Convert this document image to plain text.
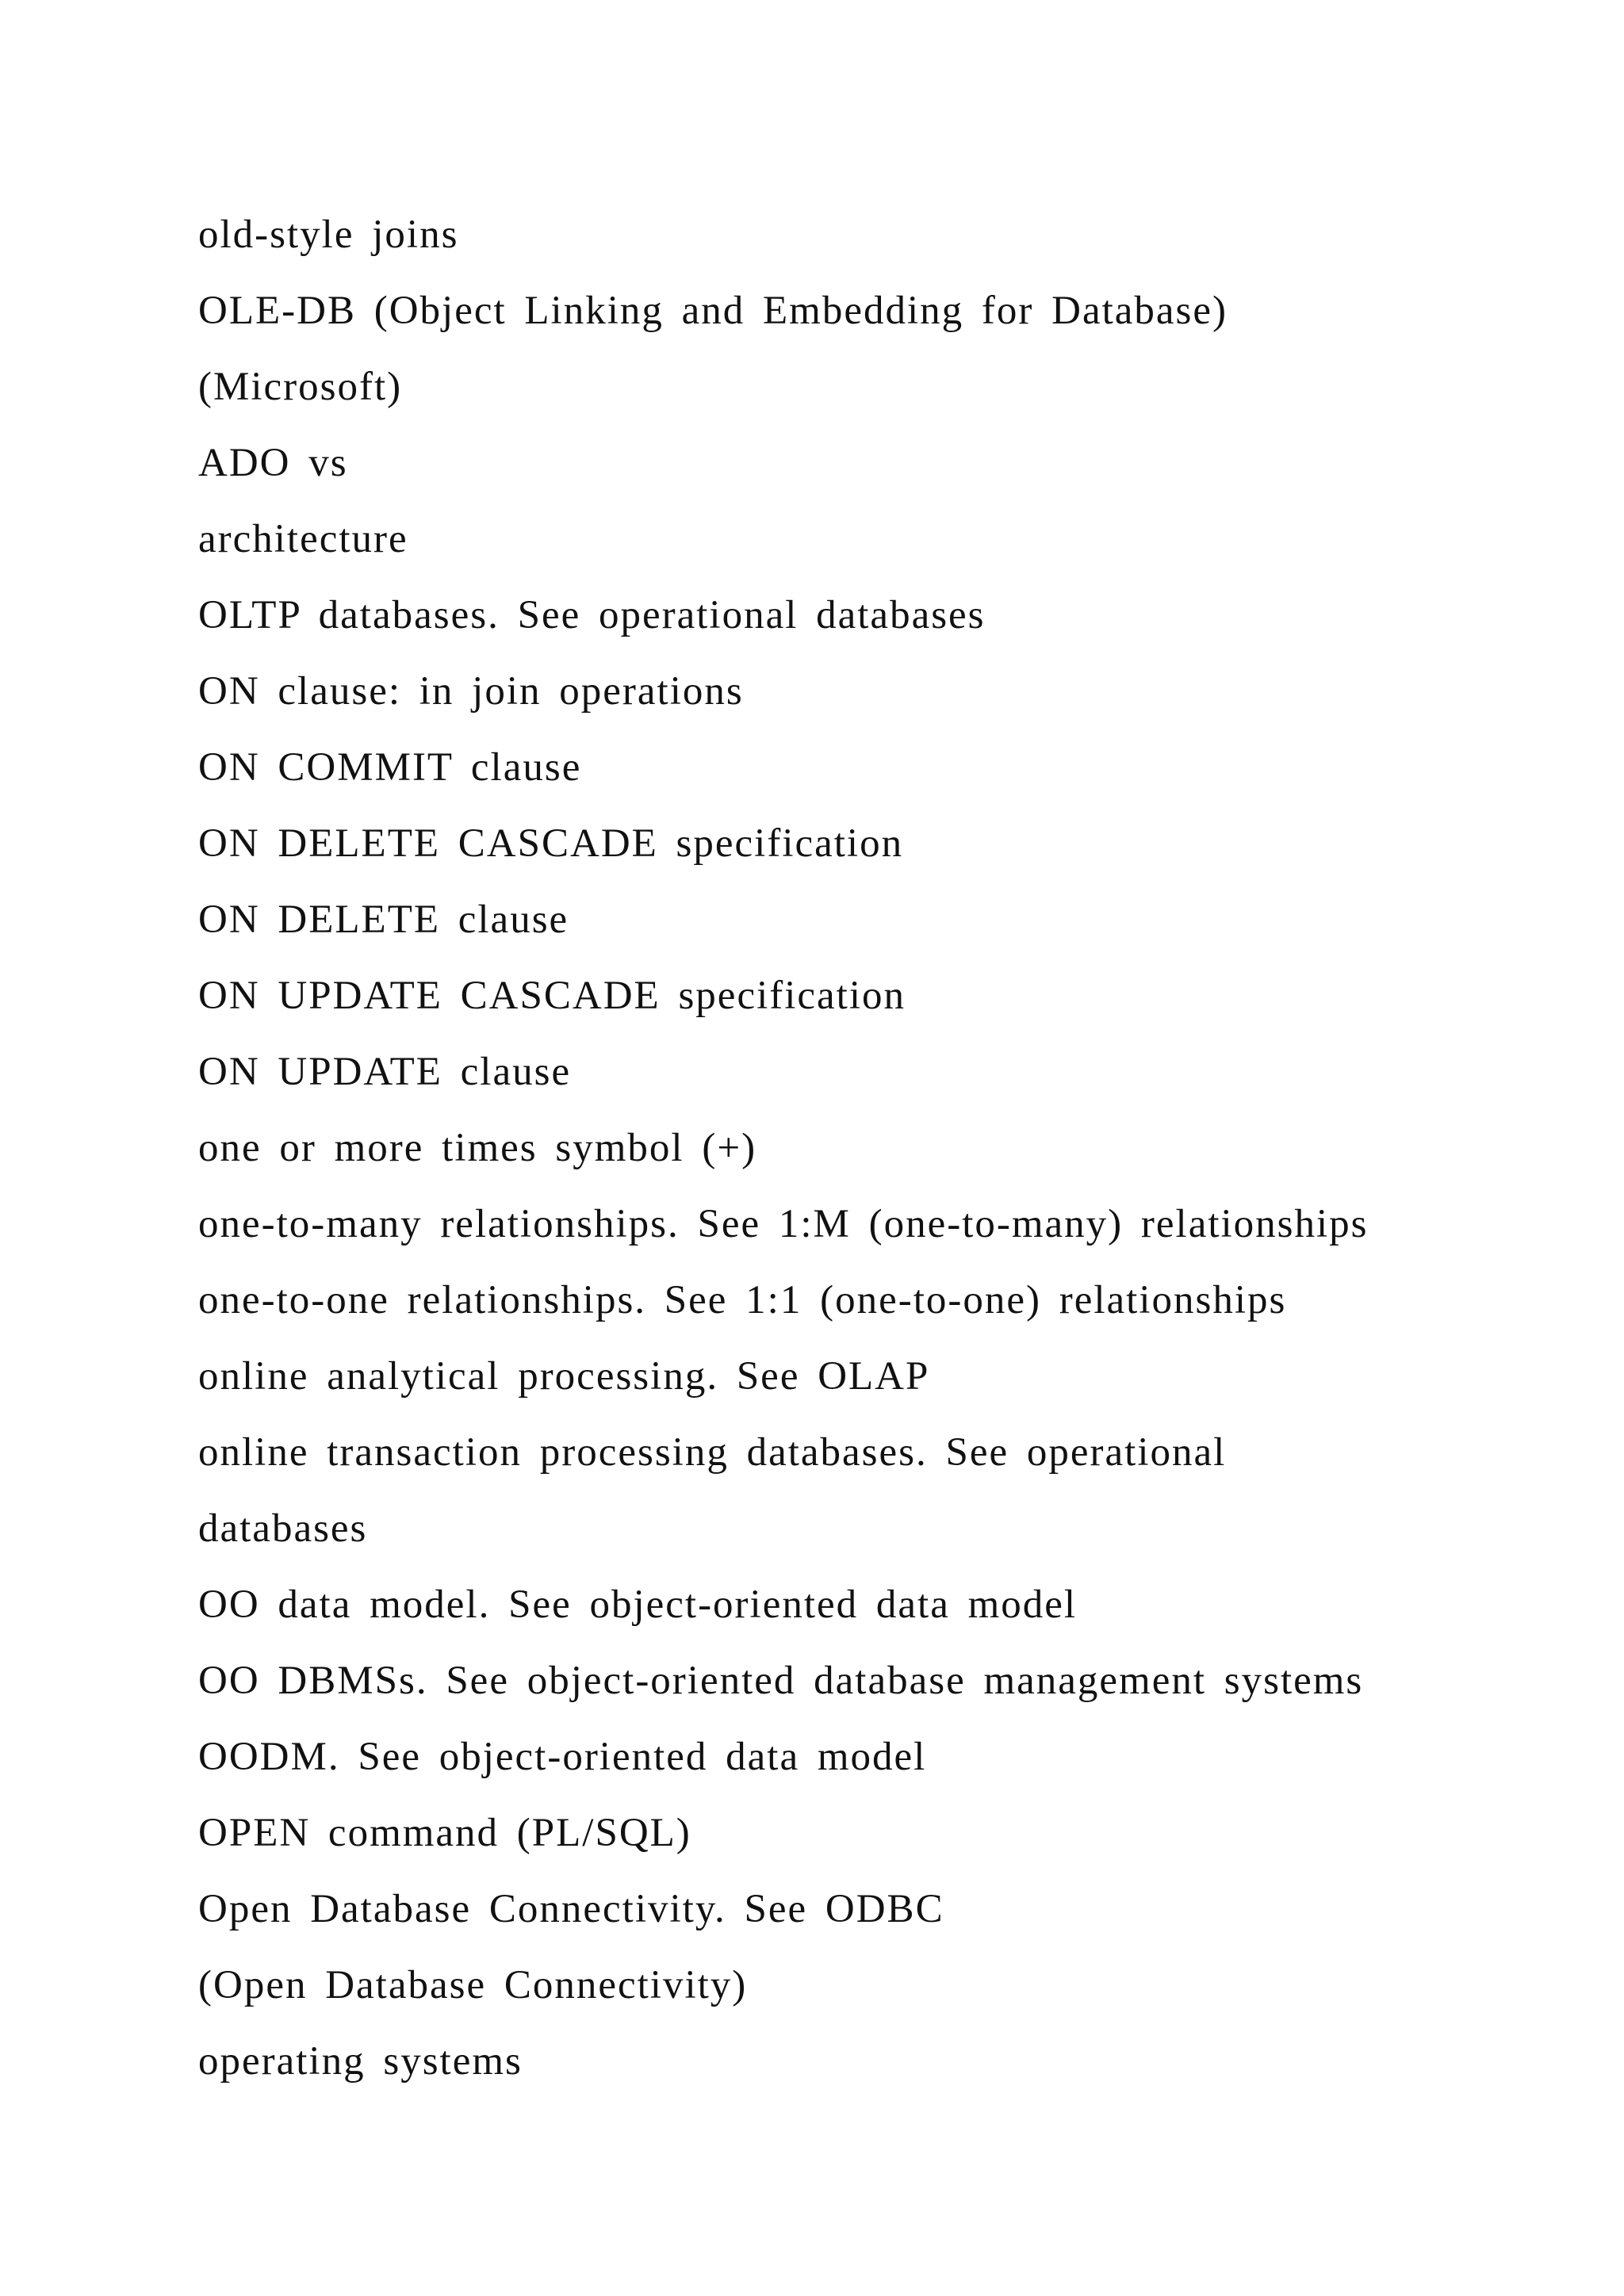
old-style joins
OLE-DB (Object Linking and Embedding for Database)
(Microsoft)
ADO vs
architecture
OLTP databases. See operational databases
ON clause: in join operations
ON COMMIT clause
ON DELETE CASCADE specification
ON DELETE clause
ON UPDATE CASCADE specification
ON UPDATE clause
one or more times symbol (+)
one-to-many relationships. See 1:M (one-to-many) relationships
one-to-one relationships. See 1:1 (one-to-one) relationships
online analytical processing. See OLAP
online transaction processing databases. See operational
databases
OO data model. See object-oriented data model
OO DBMSs. See object-oriented database management systems
OODM. See object-oriented data model
OPEN command (PL/SQL)
Open Database Connectivity. See ODBC
(Open Database Connectivity)
operating systems
